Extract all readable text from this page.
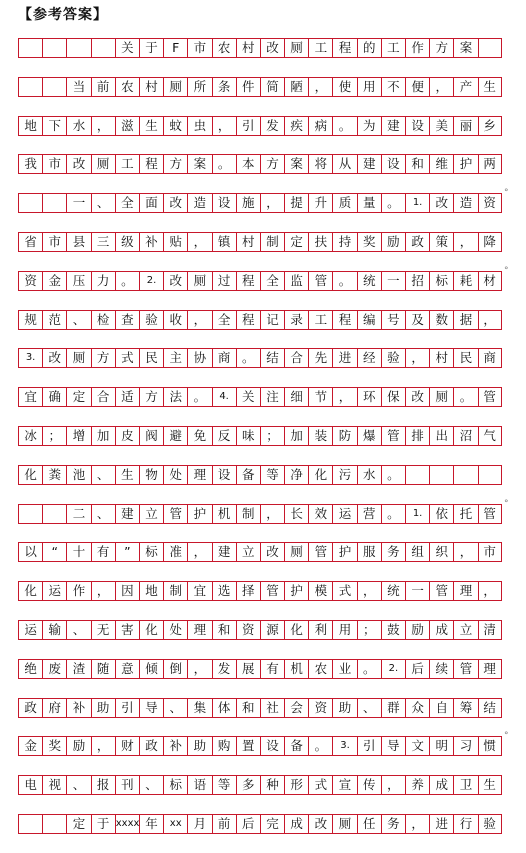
【参考答案】
关 于	F	市 农 村 改 厕 工 程 的 工 作 方 案
当 前 农 村 厕 所 条 件 简 陋 ， 使 用 不 便 ， 产 生
地 下 水 ， 滋 生 蚊 虫 ， 引 发 疾 病 。 为 建 设 美 丽 乡
我 市 改 厕 工 程 方 案 。 本 方 案 将 从 建 设 和 维 护 两
一 、 全 面 改 造 设 施 ， 提 升 质 量 。	1.	改 造 资
省 市 县 三 级 补 贴 ， 镇 村 制 定 扶 持 奖 励 政 策 ， 降
资 金 压 力 。	2.	改 厕 过 程 全 监 管 。 统 一 招 标 耗 材
规 范 、 检 查 验 收 ， 全 程 记 录 工 程 编 号 及 数 据 ，
3.	改 厕 方 式 民 主 协 商 。 结 合 先 进 经 验 ， 村 民 商
宜 确 定 合 适 方 法 。	4.	关 注 细 节 ， 环 保 改 厕 。 管
冰 ； 增 加 皮 阀 避 免 反 味 ； 加 装 防 爆 管 排 出 沼 气
化 粪 池 、 生 物 处 理 设 备 等 净 化 污 水 。
二 、 建 立 管 护 机 制 ， 长 效 运 营 。	1.	依 托 管
以	“	十 有	”	标 准 ， 建 立 改 厕 管 护 服 务 组 织 ， 市
化 运 作 ， 因 地 制 宜 选 择 管 护 模 式 ， 统 一 管 理 ，
运 输 、 无 害 化 处 理 和 资 源 化 利 用 ； 鼓 励 成 立 清
绝 废 渣 随 意 倾 倒 ， 发 展 有 机 农 业 。	2.	后 续 管 理
政 府 补 助 引 导 、 集 体 和 社 会 资 助 、 群 众 自 筹 结
金 奖 励 ， 财 政 补 助 购 置 设 备 。	3.	引 导 文 明 习 惯
电 视 、 报 刊 、 标 语 等 多 种 形 式 宣 传 ， 养 成 卫 生
定 于 xxxx 年	xx 月 前 后 完 成 改 厕 任 务 ， 进 行 验
°
°
°
°
